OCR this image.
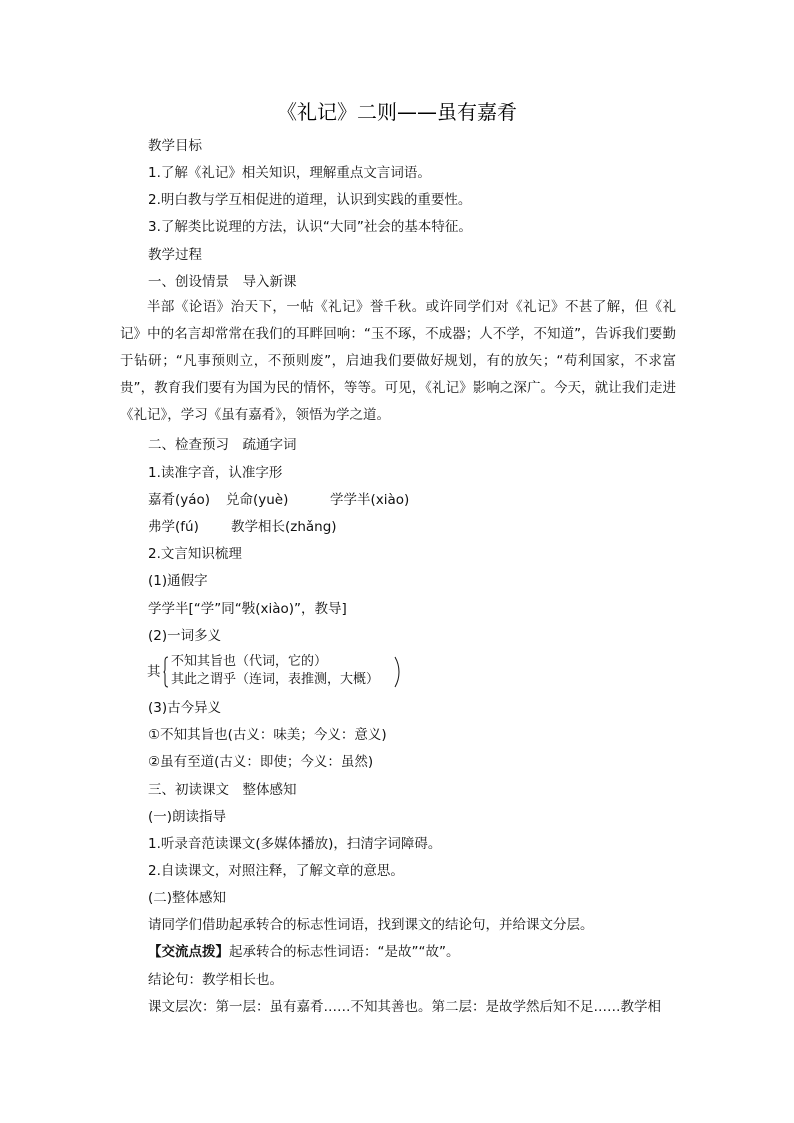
《礼记》二则——虽有嘉肴
教学目标
1.了解《礼记》相关知识，理解重点文言词语。
2.明白教与学互相促进的道理，认识到实践的重要性。
3.了解类比说理的方法，认识“大同”社会的基本特征。
教学过程
一、创设情景　导入新课
半部《论语》治天下，一帖《礼记》誉千秋。或许同学们对《礼记》不甚了解，但《礼记》中的名言却常常在我们的耳畔回响：“玉不琢，不成器；人不学，不知道”，告诉我们要勤于钻研；“凡事预则立，不预则废”，启迪我们要做好规划，有的放矢；“苟利国家，不求富贵”，教育我们要有为国为民的情怀，等等。可见，《礼记》影响之深广。今天，就让我们走进《礼记》，学习《虽有嘉肴》，领悟为学之道。
二、检查预习　疏通字词
1.读准字音，认准字形
嘉肴(yáo) 兑命(yuè)	学学半(xiào)
弗学(fú) 教学相长(zhǎng)
2.文言知识梳理
(1)通假字
学学半[“学”同“斅(xiào)”，教导]
(2)一词多义
其
不知其旨也（代词，它的）
其此之谓乎（连词，表推测，大概）
(3)古今异义
①不知其旨也(古义：味美；今义：意义)
②虽有至道(古义：即使；今义：虽然)
三、初读课文　整体感知
(一)朗读指导
1.听录音范读课文(多媒体播放)，扫清字词障碍。
2.自读课文，对照注释，了解文章的意思。
(二)整体感知
请同学们借助起承转合的标志性词语，找到课文的结论句，并给课文分层。
【交流点拨】起承转合的标志性词语：“是故”“故”。
结论句：教学相长也。
课文层次：第一层：虽有嘉肴……不知其善也。第二层：是故学然后知不足……教学相
